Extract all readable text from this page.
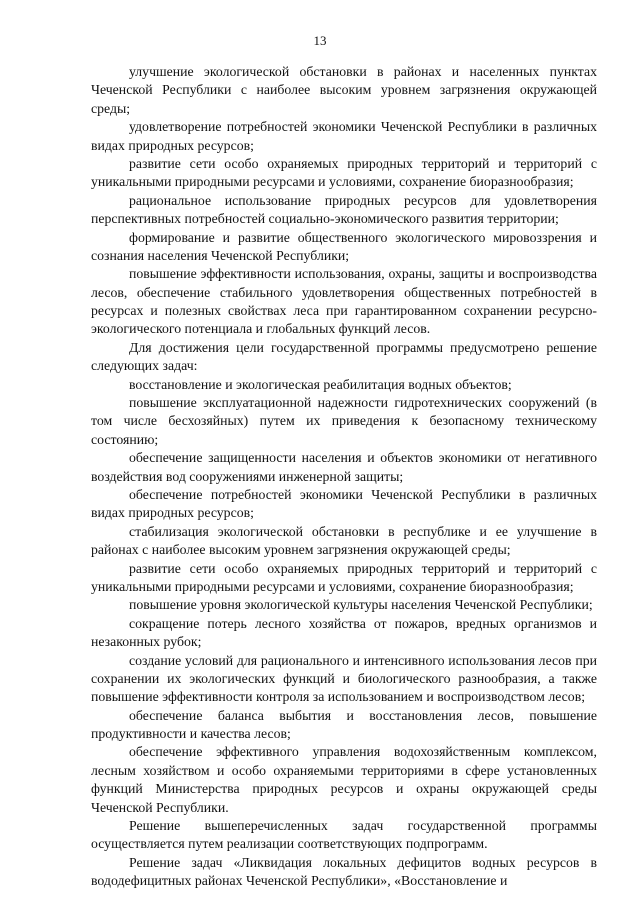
13

улучшение экологической обстановки в районах и населенных пунктах Чеченской Республики с наиболее высоким уровнем загрязнения окружающей среды;

удовлетворение потребностей экономики Чеченской Республики в различных видах природных ресурсов;

развитие сети особо охраняемых природных территорий и территорий с уникальными природными ресурсами и условиями, сохранение биоразнообразия;

рациональное использование природных ресурсов для удовлетворения перспективных потребностей социально-экономического развития территории;

формирование и развитие общественного экологического мировоззрения и сознания населения Чеченской Республики;

повышение эффективности использования, охраны, защиты и воспроизводства лесов, обеспечение стабильного удовлетворения общественных потребностей в ресурсах и полезных свойствах леса при гарантированном сохранении ресурсно-экологического потенциала и глобальных функций лесов.

Для достижения цели государственной программы предусмотрено решение следующих задач:

восстановление и экологическая реабилитация водных объектов;

повышение эксплуатационной надежности гидротехнических сооружений (в том числе бесхозяйных) путем их приведения к безопасному техническому состоянию;

обеспечение защищенности населения и объектов экономики от негативного воздействия вод сооружениями инженерной защиты;

обеспечение потребностей экономики Чеченской Республики в различных видах природных ресурсов;

стабилизация экологической обстановки в республике и ее улучшение в районах с наиболее высоким уровнем загрязнения окружающей среды;

развитие сети особо охраняемых природных территорий и территорий с уникальными природными ресурсами и условиями, сохранение биоразнообразия;

повышение уровня экологической культуры населения Чеченской Республики;

сокращение потерь лесного хозяйства от пожаров, вредных организмов и незаконных рубок;

создание условий для рационального и интенсивного использования лесов при сохранении их экологических функций и биологического разнообразия, а также повышение эффективности контроля за использованием и воспроизводством лесов;

обеспечение баланса выбытия и восстановления лесов, повышение продуктивности и качества лесов;

обеспечение эффективного управления водохозяйственным комплексом, лесным хозяйством и особо охраняемыми территориями в сфере установленных функций Министерства природных ресурсов и охраны окружающей среды Чеченской Республики.

Решение вышеперечисленных задач государственной программы осуществляется путем реализации соответствующих подпрограмм.

Решение задач «Ликвидация локальных дефицитов водных ресурсов в вододефицитных районах Чеченской Республики», «Восстановление и
